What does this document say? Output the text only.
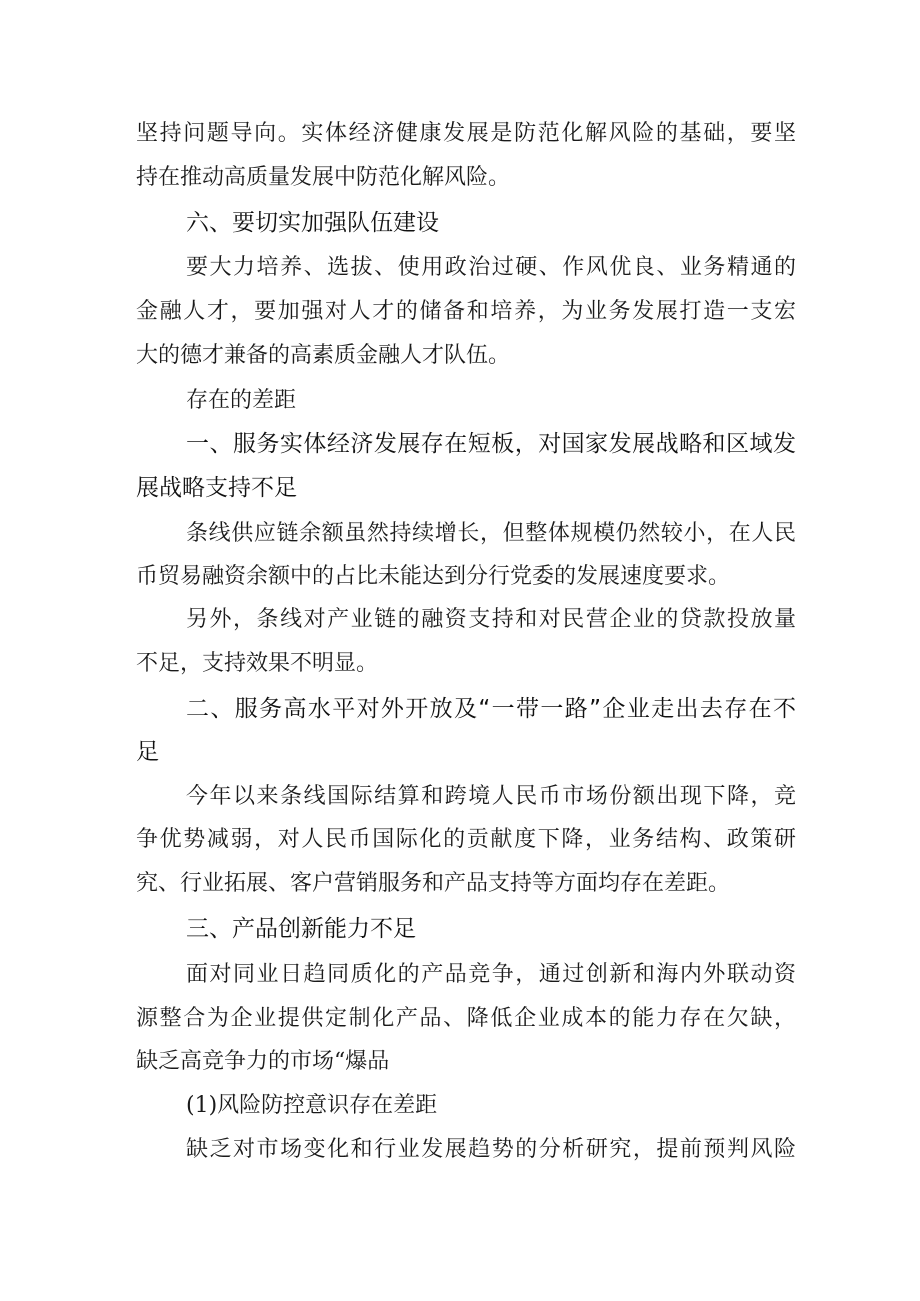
坚持问题导向。实体经济健康发展是防范化解风险的基础，要坚
持在推动高质量发展中防范化解风险。
六、要切实加强队伍建设
要大力培养、选拔、使用政治过硬、作风优良、业务精通的
金融人才，要加强对人才的储备和培养，为业务发展打造一支宏
大的德才兼备的高素质金融人才队伍。
存在的差距
一、服务实体经济发展存在短板，对国家发展战略和区域发
展战略支持不足
条线供应链余额虽然持续增长，但整体规模仍然较小，在人民
币贸易融资余额中的占比未能达到分行党委的发展速度要求。
另外，条线对产业链的融资支持和对民营企业的贷款投放量
不足，支持效果不明显。
二、服务高水平对外开放及“一带一路”企业走出去存在不
足
今年以来条线国际结算和跨境人民币市场份额出现下降，竞
争优势减弱，对人民币国际化的贡献度下降，业务结构、政策研
究、行业拓展、客户营销服务和产品支持等方面均存在差距。
三、产品创新能力不足
面对同业日趋同质化的产品竞争，通过创新和海内外联动资
源整合为企业提供定制化产品、降低企业成本的能力存在欠缺，
缺乏高竞争力的市场“爆品
(1)风险防控意识存在差距
缺乏对市场变化和行业发展趋势的分析研究，提前预判风险
